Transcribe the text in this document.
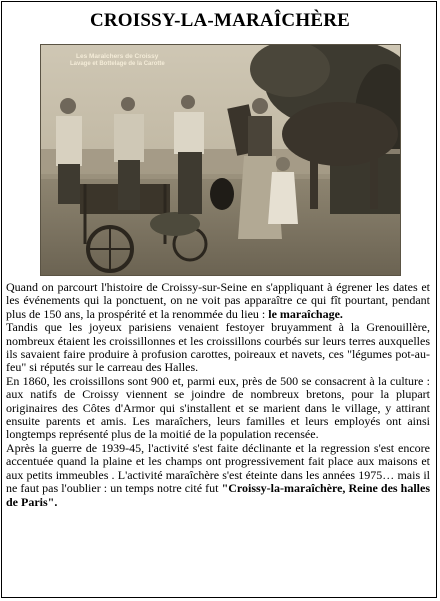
CROISSY-LA-MARAÎCHÈRE
Les Maraîchers de Croissy
Lavage et Bottelage de la Carotte

Quand on parcourt l'histoire de Croissy-sur-Seine en s'appliquant à égrener les dates et les événements qui la ponctuent, on ne voit pas apparaître ce qui fît pourtant, pendant plus de 150 ans, la prospérité et la renommée du lieu : le maraîchage.

Tandis que les joyeux parisiens venaient festoyer bruyamment à la Grenouillère, nombreux étaient les croissillonnes et les croissillons courbés sur leurs terres auxquelles ils savaient faire produire à profusion carottes, poireaux et navets, ces "légumes pot-au-feu" si réputés sur le carreau des Halles.

En 1860, les croissillons sont 900 et, parmi eux, près de 500 se consacrent à la culture : aux natifs de Croissy viennent se joindre de nombreux bretons, pour la plupart originaires des Côtes d'Armor qui s'installent et se marient dans le village, y attirant ensuite parents et amis. Les maraîchers, leurs familles et leurs employés ont ainsi longtemps représenté plus de la moitié de la population recensée.

Après la guerre de 1939-45, l'activité s'est faite déclinante et la regression s'est encore accentuée quand la plaine et les champs ont progressivement fait place aux maisons et aux petits immeubles . L'activité maraîchère s'est éteinte dans les années 1975… mais il ne faut pas l'oublier : un temps notre cité fut "Croissy-la-maraîchère, Reine des halles de Paris".
